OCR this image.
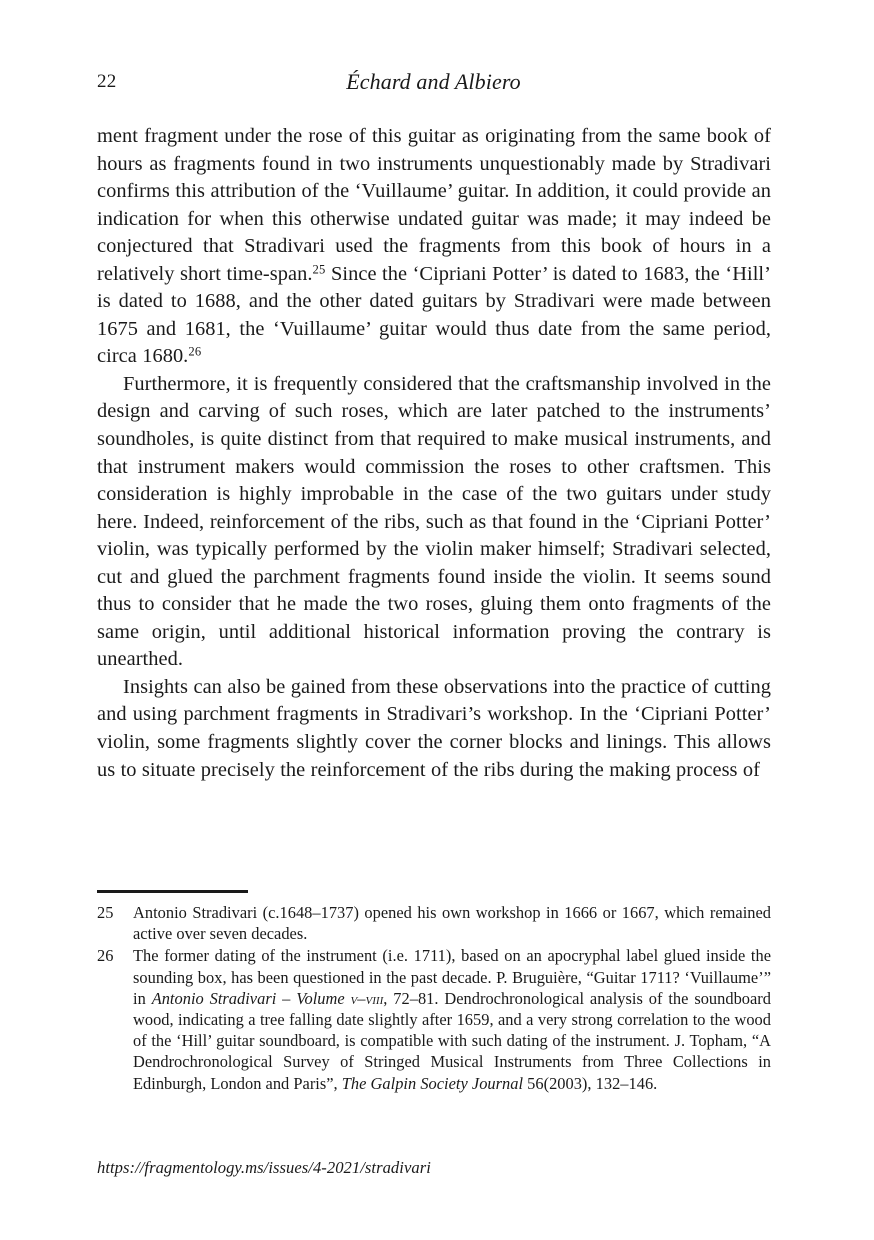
22	Échard and Albiero

ment fragment under the rose of this guitar as originating from the same book of hours as fragments found in two instruments unquestionably made by Stradivari confirms this attribution of the ‘Vuillaume’ guitar. In addition, it could provide an indication for when this otherwise undated guitar was made; it may indeed be conjectured that Stradivari used the fragments from this book of hours in a relatively short time-span.$^{25}$ Since the ‘Cipriani Potter’ is dated to 1683, the ‘Hill’ is dated to 1688, and the other dated guitars by Stradivari were made between 1675 and 1681, the ‘Vuillaume’ guitar would thus date from the same period, circa 1680.26

Furthermore, it is frequently considered that the craftsmanship involved in the design and carving of such roses, which are later patched to the instruments’ soundholes, is quite distinct from that required to make musical instruments, and that instrument makers would commission the roses to other craftsmen. This consideration is highly improbable in the case of the two guitars under study here. Indeed, reinforcement of the ribs, such as that found in the ‘Cipriani Potter’ violin, was typically performed by the violin maker himself; Stradivari selected, cut and glued the parchment fragments found inside the violin. It seems sound thus to consider that he made the two roses, gluing them onto fragments of the same origin, until additional historical information proving the contrary is unearthed.

Insights can also be gained from these observations into the practice of cutting and using parchment fragments in Stradivari’s workshop. In the ‘Cipriani Potter’ violin, some fragments slightly cover the corner blocks and linings. This allows us to situate precisely the reinforcement of the ribs during the making process of

25	Antonio Stradivari (c.1648–1737) opened his own workshop in 1666 or 1667, which remained active over seven decades.
26	The former dating of the instrument (i.e. 1711), based on an apocryphal label glued inside the sounding box, has been questioned in the past decade. P. Bruguière, “Guitar 1711? ‘Vuillaume’” in Antonio Stradivari – Volume v–viii, 72–81. Dendrochronological analysis of the soundboard wood, indicating a tree falling date slightly after 1659, and a very strong correlation to the wood of the ‘Hill’ guitar soundboard, is compatible with such dating of the instrument. J. Topham, “A Dendrochronological Survey of Stringed Musical Instruments from Three Collections in Edinburgh, London and Paris”, The Galpin Society Journal 56(2003), 132–146.
https://fragmentology.ms/issues/4-2021/stradivari
